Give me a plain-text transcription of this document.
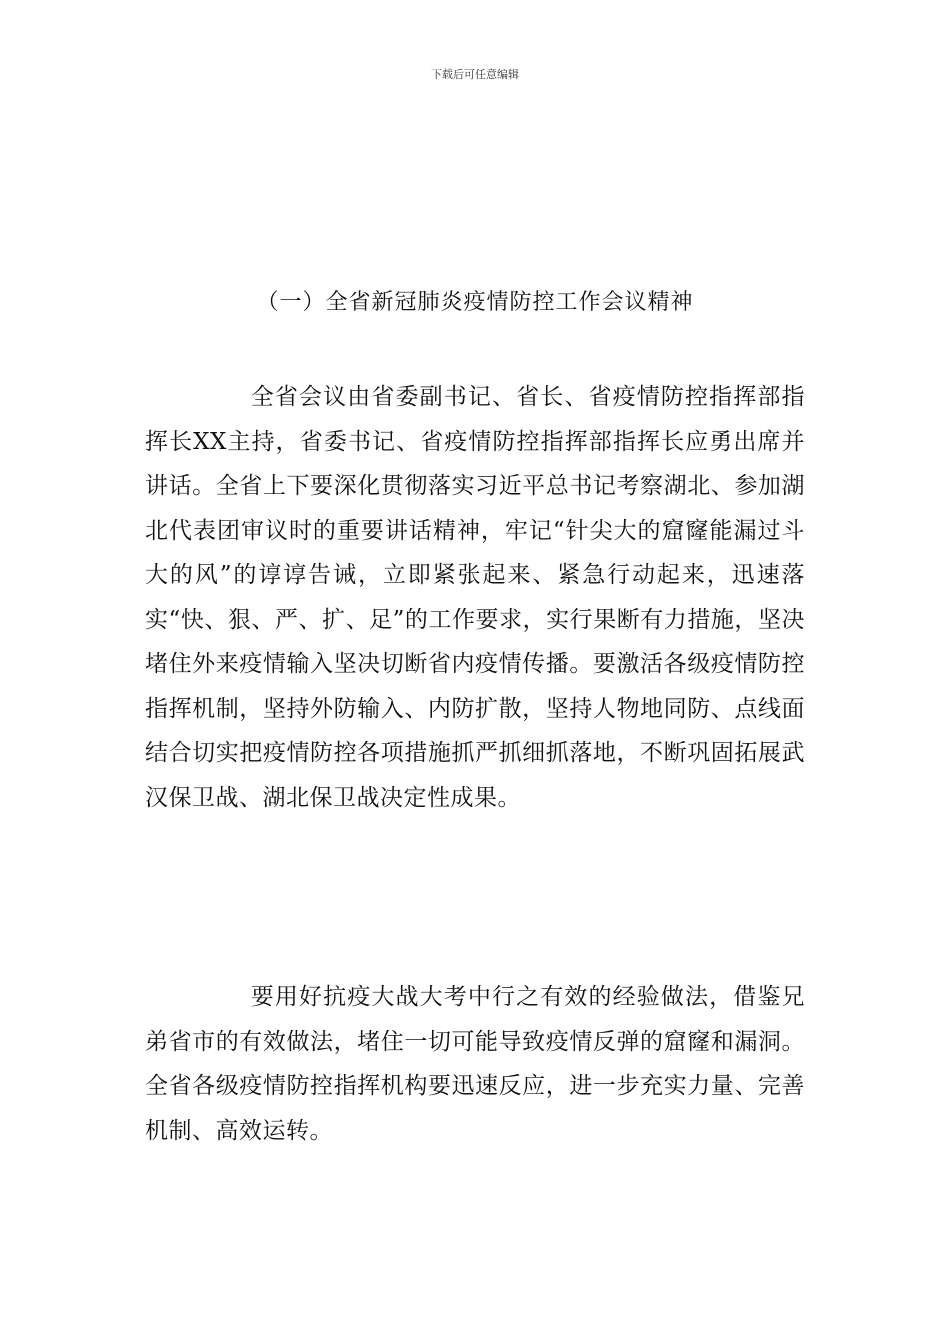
下载后可任意编辑
（一）全省新冠肺炎疫情防控工作会议精神

全省会议由省委副书记、省长、省疫情防控指挥部指挥长XX主持，省委书记、省疫情防控指挥部指挥长应勇出席并讲话。全省上下要深化贯彻落实习近平总书记考察湖北、参加湖北代表团审议时的重要讲话精神，牢记“针尖大的窟窿能漏过斗大的风”的谆谆告诫，立即紧张起来、紧急行动起来，迅速落实“快、狠、严、扩、足”的工作要求，实行果断有力措施，坚决堵住外来疫情输入坚决切断省内疫情传播。要激活各级疫情防控指挥机制，坚持外防输入、内防扩散，坚持人物地同防、点线面结合切实把疫情防控各项措施抓严抓细抓落地，不断巩固拓展武汉保卫战、湖北保卫战决定性成果。

要用好抗疫大战大考中行之有效的经验做法，借鉴兄弟省市的有效做法，堵住一切可能导致疫情反弹的窟窿和漏洞。全省各级疫情防控指挥机构要迅速反应，进一步充实力量、完善机制、高效运转。
